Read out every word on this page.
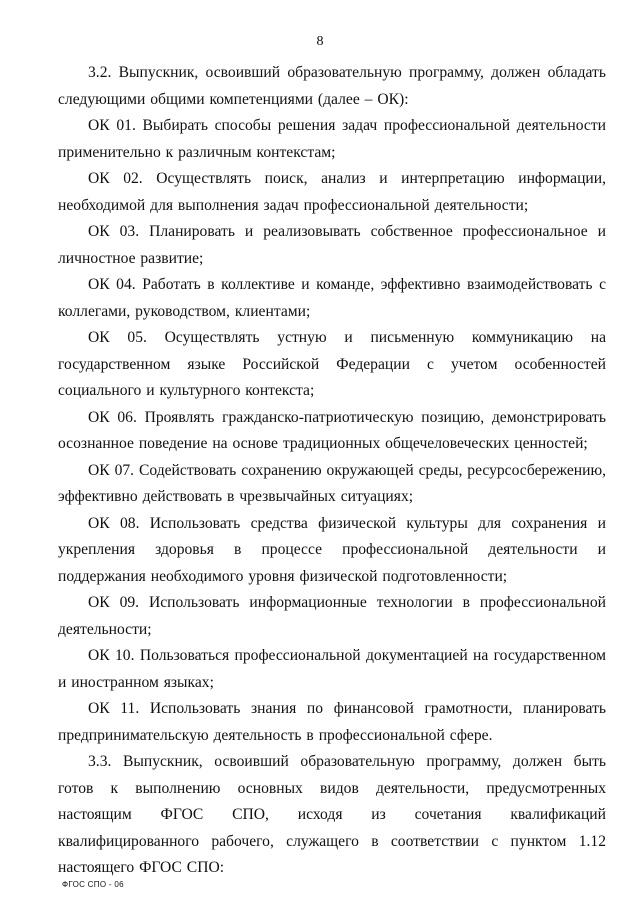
8

3.2. Выпускник, освоивший образовательную программу, должен обладать следующими общими компетенциями (далее – ОК):

ОК 01. Выбирать способы решения задач профессиональной деятельности применительно к различным контекстам;

ОК 02. Осуществлять поиск, анализ и интерпретацию информации, необходимой для выполнения задач профессиональной деятельности;

ОК 03. Планировать и реализовывать собственное профессиональное и личностное развитие;

ОК 04. Работать в коллективе и команде, эффективно взаимодействовать с коллегами, руководством, клиентами;

ОК 05. Осуществлять устную и письменную коммуникацию на государственном языке Российской Федерации с учетом особенностей социального и культурного контекста;

ОК 06. Проявлять гражданско-патриотическую позицию, демонстрировать осознанное поведение на основе традиционных общечеловеческих ценностей;

ОК 07. Содействовать сохранению окружающей среды, ресурсосбережению, эффективно действовать в чрезвычайных ситуациях;

ОК 08. Использовать средства физической культуры для сохранения и укрепления здоровья в процессе профессиональной деятельности и поддержания необходимого уровня физической подготовленности;

ОК 09. Использовать информационные технологии в профессиональной деятельности;

ОК 10. Пользоваться профессиональной документацией на государственном и иностранном языках;

ОК 11. Использовать знания по финансовой грамотности, планировать предпринимательскую деятельность в профессиональной сфере.

3.3. Выпускник, освоивший образовательную программу, должен быть готов к выполнению основных видов деятельности, предусмотренных настоящим ФГОС СПО, исходя из сочетания квалификаций квалифицированного рабочего, служащего в соответствии с пунктом 1.12 настоящего ФГОС СПО:

ФГОС СПО - 06
